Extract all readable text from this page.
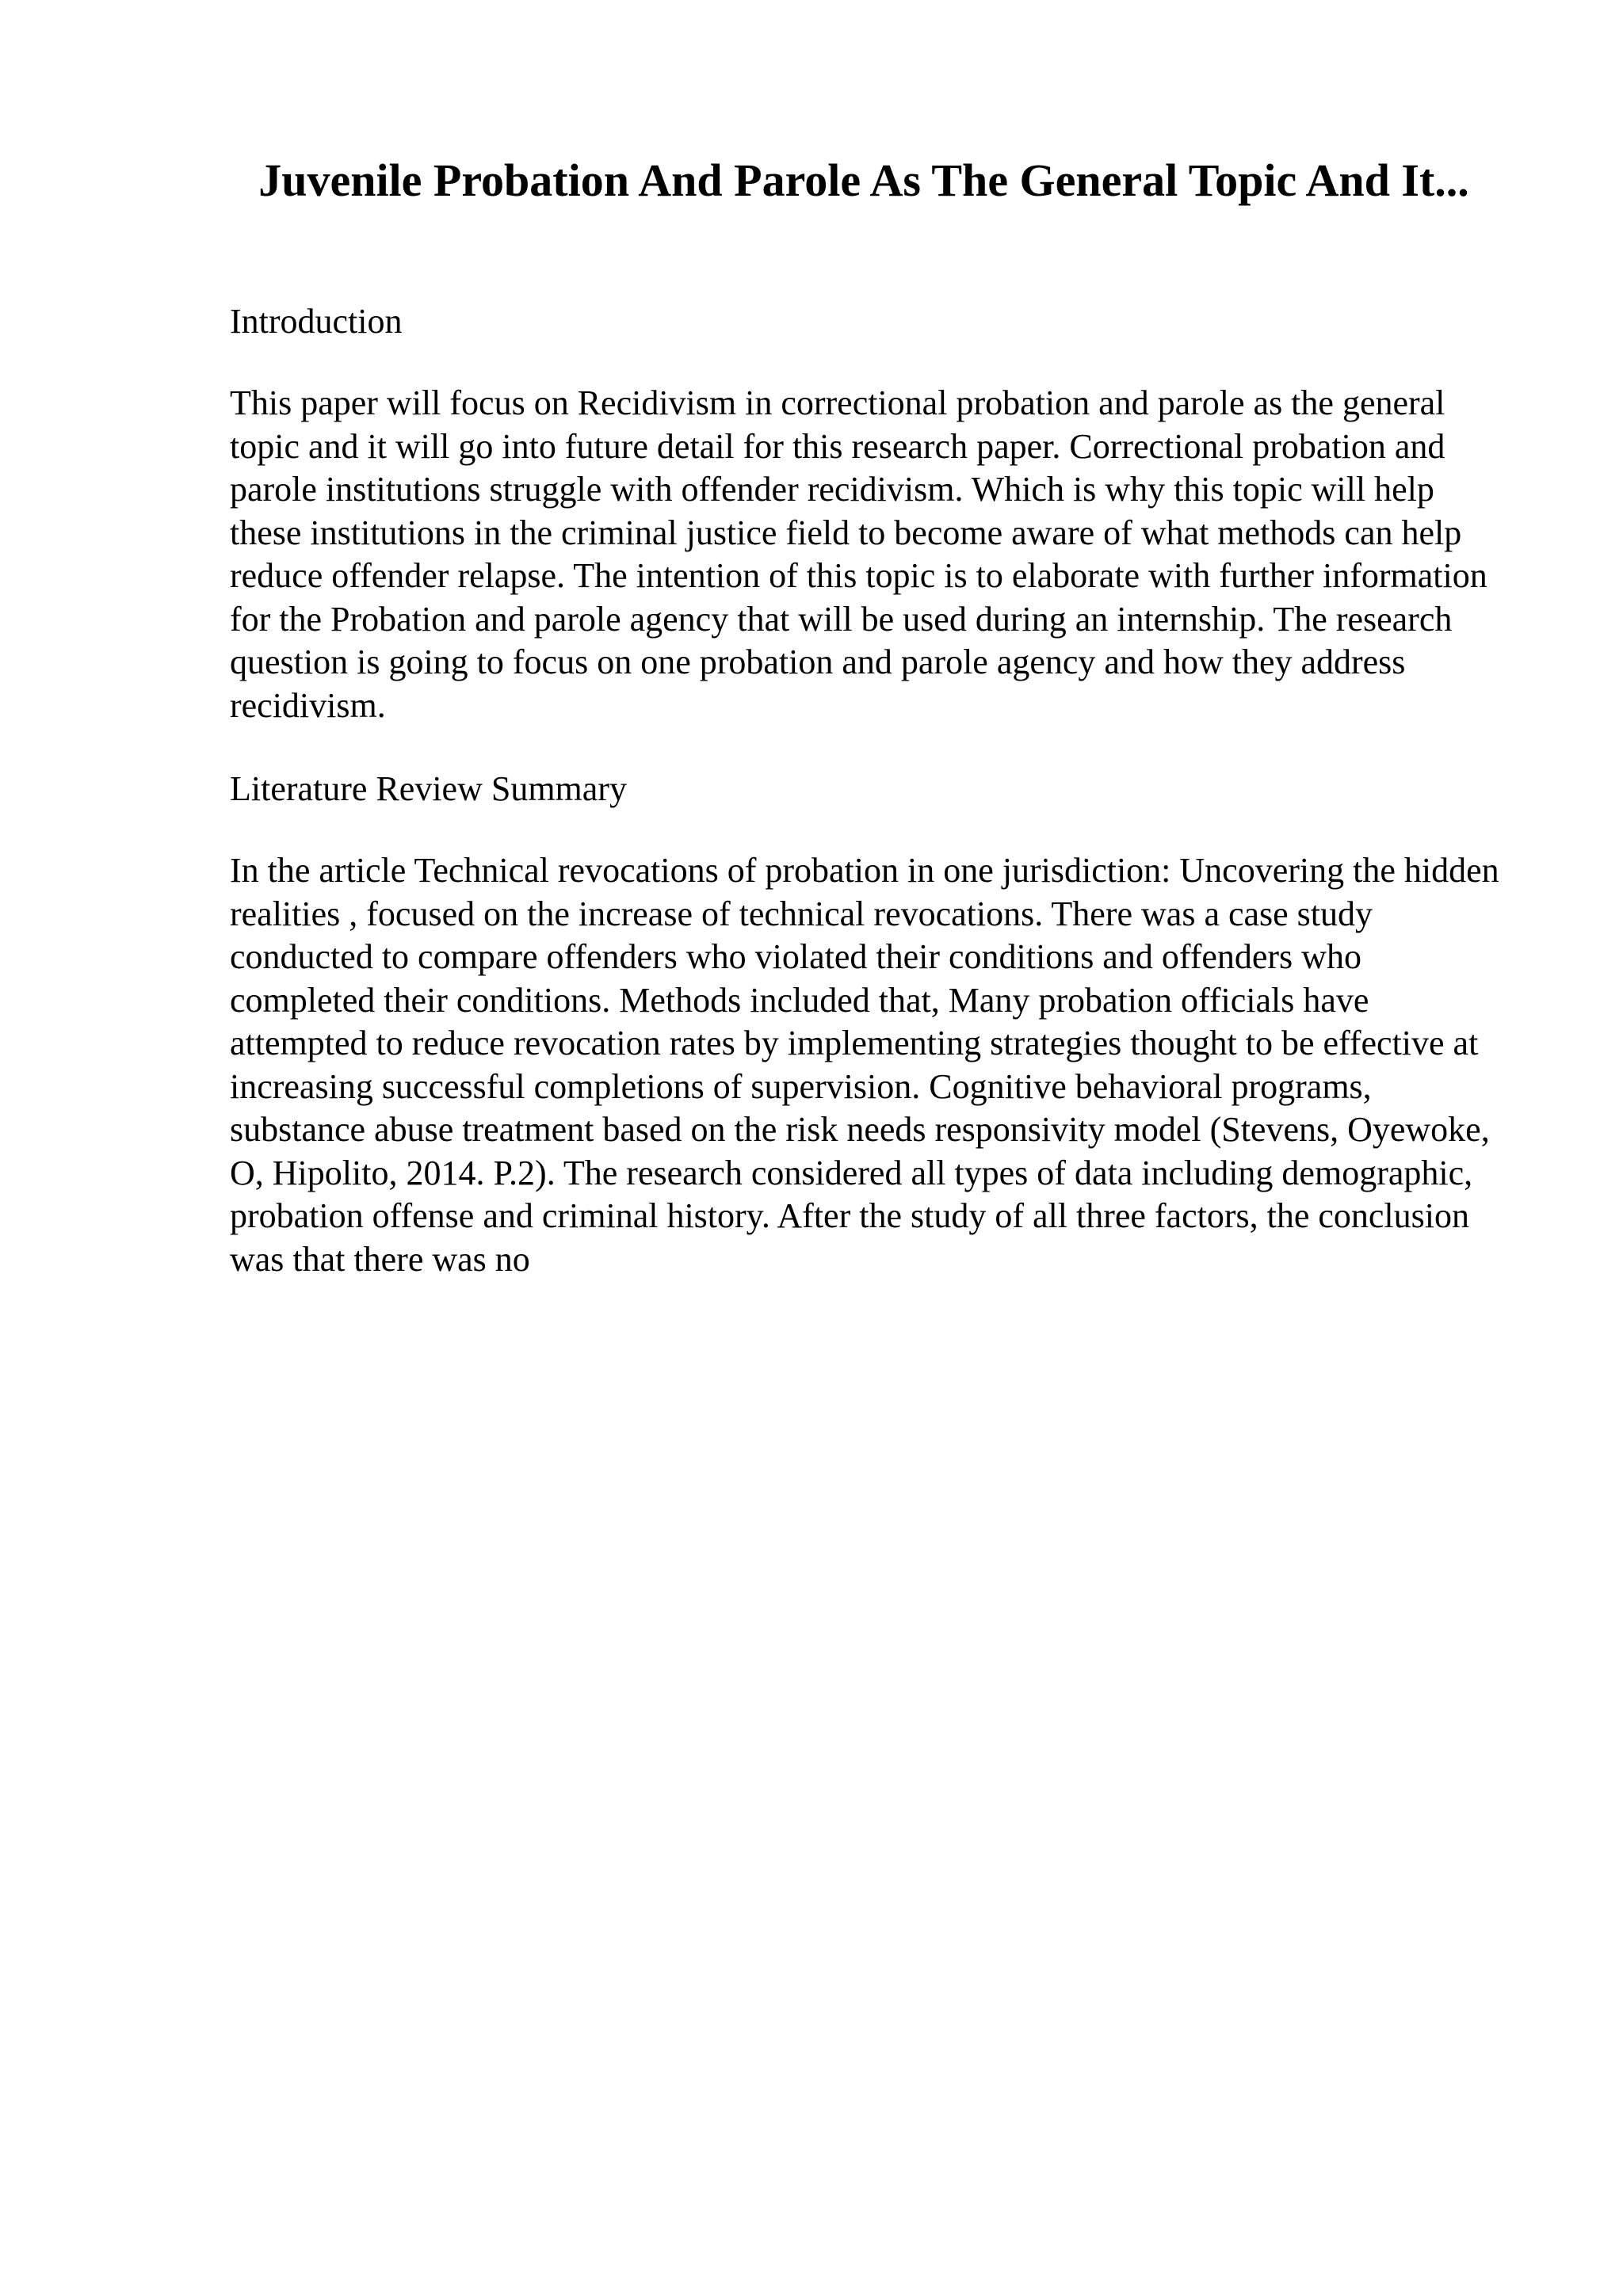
Juvenile Probation And Parole As The General Topic And It...
Introduction

This paper will focus on Recidivism in correctional probation and parole as the general topic and it will go into future detail for this research paper. Correctional probation and parole institutions struggle with offender recidivism. Which is why this topic will help these institutions in the criminal justice field to become aware of what methods can help reduce offender relapse. The intention of this topic is to elaborate with further information for the Probation and parole agency that will be used during an internship. The research question is going to focus on one probation and parole agency and how they address recidivism.

Literature Review Summary

In the article Technical revocations of probation in one jurisdiction: Uncovering the hidden realities , focused on the increase of technical revocations. There was a case study conducted to compare offenders who violated their conditions and offenders who completed their conditions. Methods included that, Many probation officials have attempted to reduce revocation rates by implementing strategies thought to be effective at increasing successful completions of supervision. Cognitive behavioral programs, substance abuse treatment based on the risk needs responsivity model (Stevens, Oyewoke, O, Hipolito, 2014. P.2). The research considered all types of data including demographic, probation offense and criminal history. After the study of all three factors, the conclusion was that there was no
